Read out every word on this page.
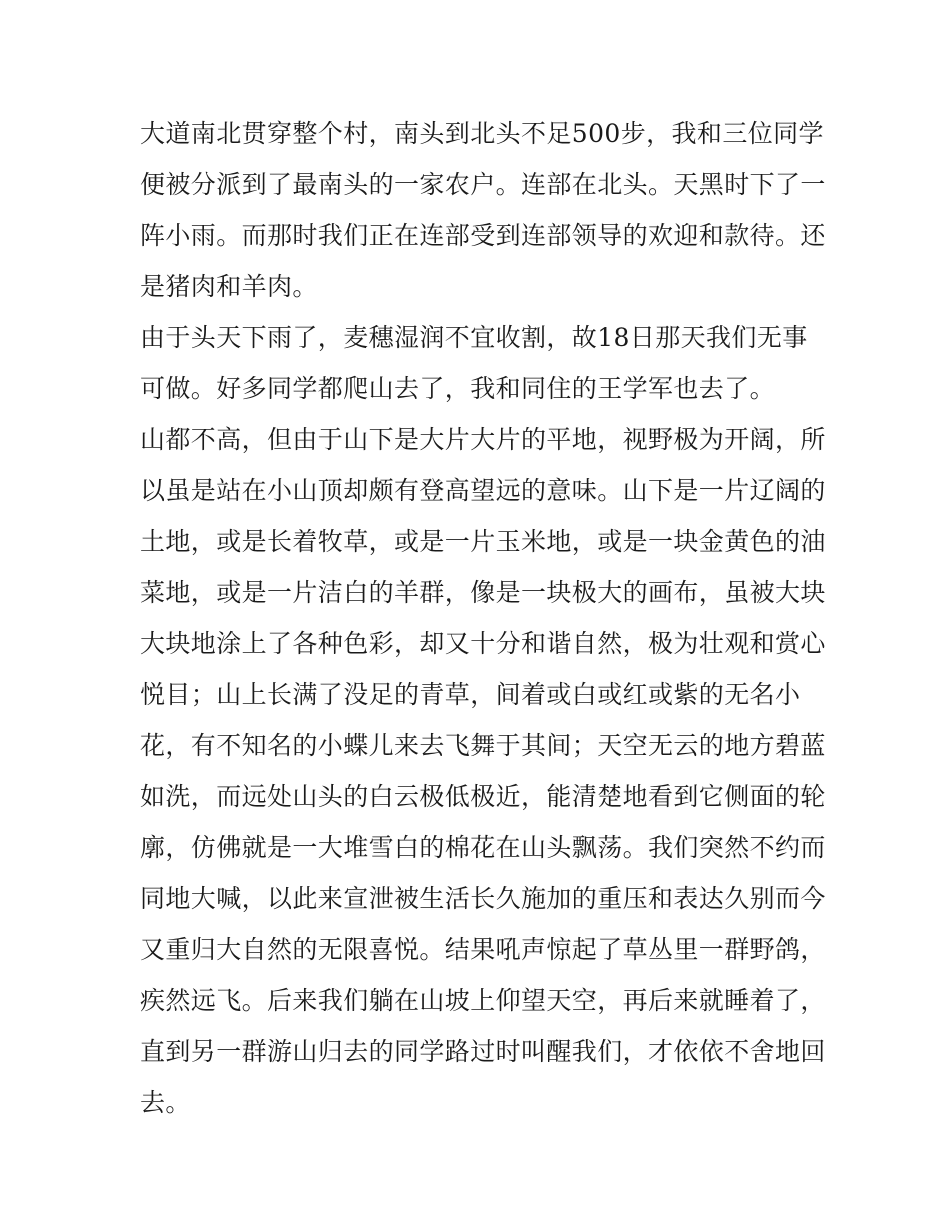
大道南北贯穿整个村，南头到北头不足500步，我和三位同学
便被分派到了最南头的一家农户。连部在北头。天黑时下了一
阵小雨。而那时我们正在连部受到连部领导的欢迎和款待。还
是猪肉和羊肉。
由于头天下雨了，麦穗湿润不宜收割，故18日那天我们无事
可做。好多同学都爬山去了，我和同住的王学军也去了。
山都不高，但由于山下是大片大片的平地，视野极为开阔，所
以虽是站在小山顶却颇有登高望远的意味。山下是一片辽阔的
土地，或是长着牧草，或是一片玉米地，或是一块金黄色的油
菜地，或是一片洁白的羊群，像是一块极大的画布，虽被大块
大块地涂上了各种色彩，却又十分和谐自然，极为壮观和赏心
悦目；山上长满了没足的青草，间着或白或红或紫的无名小
花，有不知名的小蝶儿来去飞舞于其间；天空无云的地方碧蓝
如洗，而远处山头的白云极低极近，能清楚地看到它侧面的轮
廓，仿佛就是一大堆雪白的棉花在山头飘荡。我们突然不约而
同地大喊，以此来宣泄被生活长久施加的重压和表达久别而今
又重归大自然的无限喜悦。结果吼声惊起了草丛里一群野鸽，
疾然远飞。后来我们躺在山坡上仰望天空，再后来就睡着了，
直到另一群游山归去的同学路过时叫醒我们，才依依不舍地回
去。
